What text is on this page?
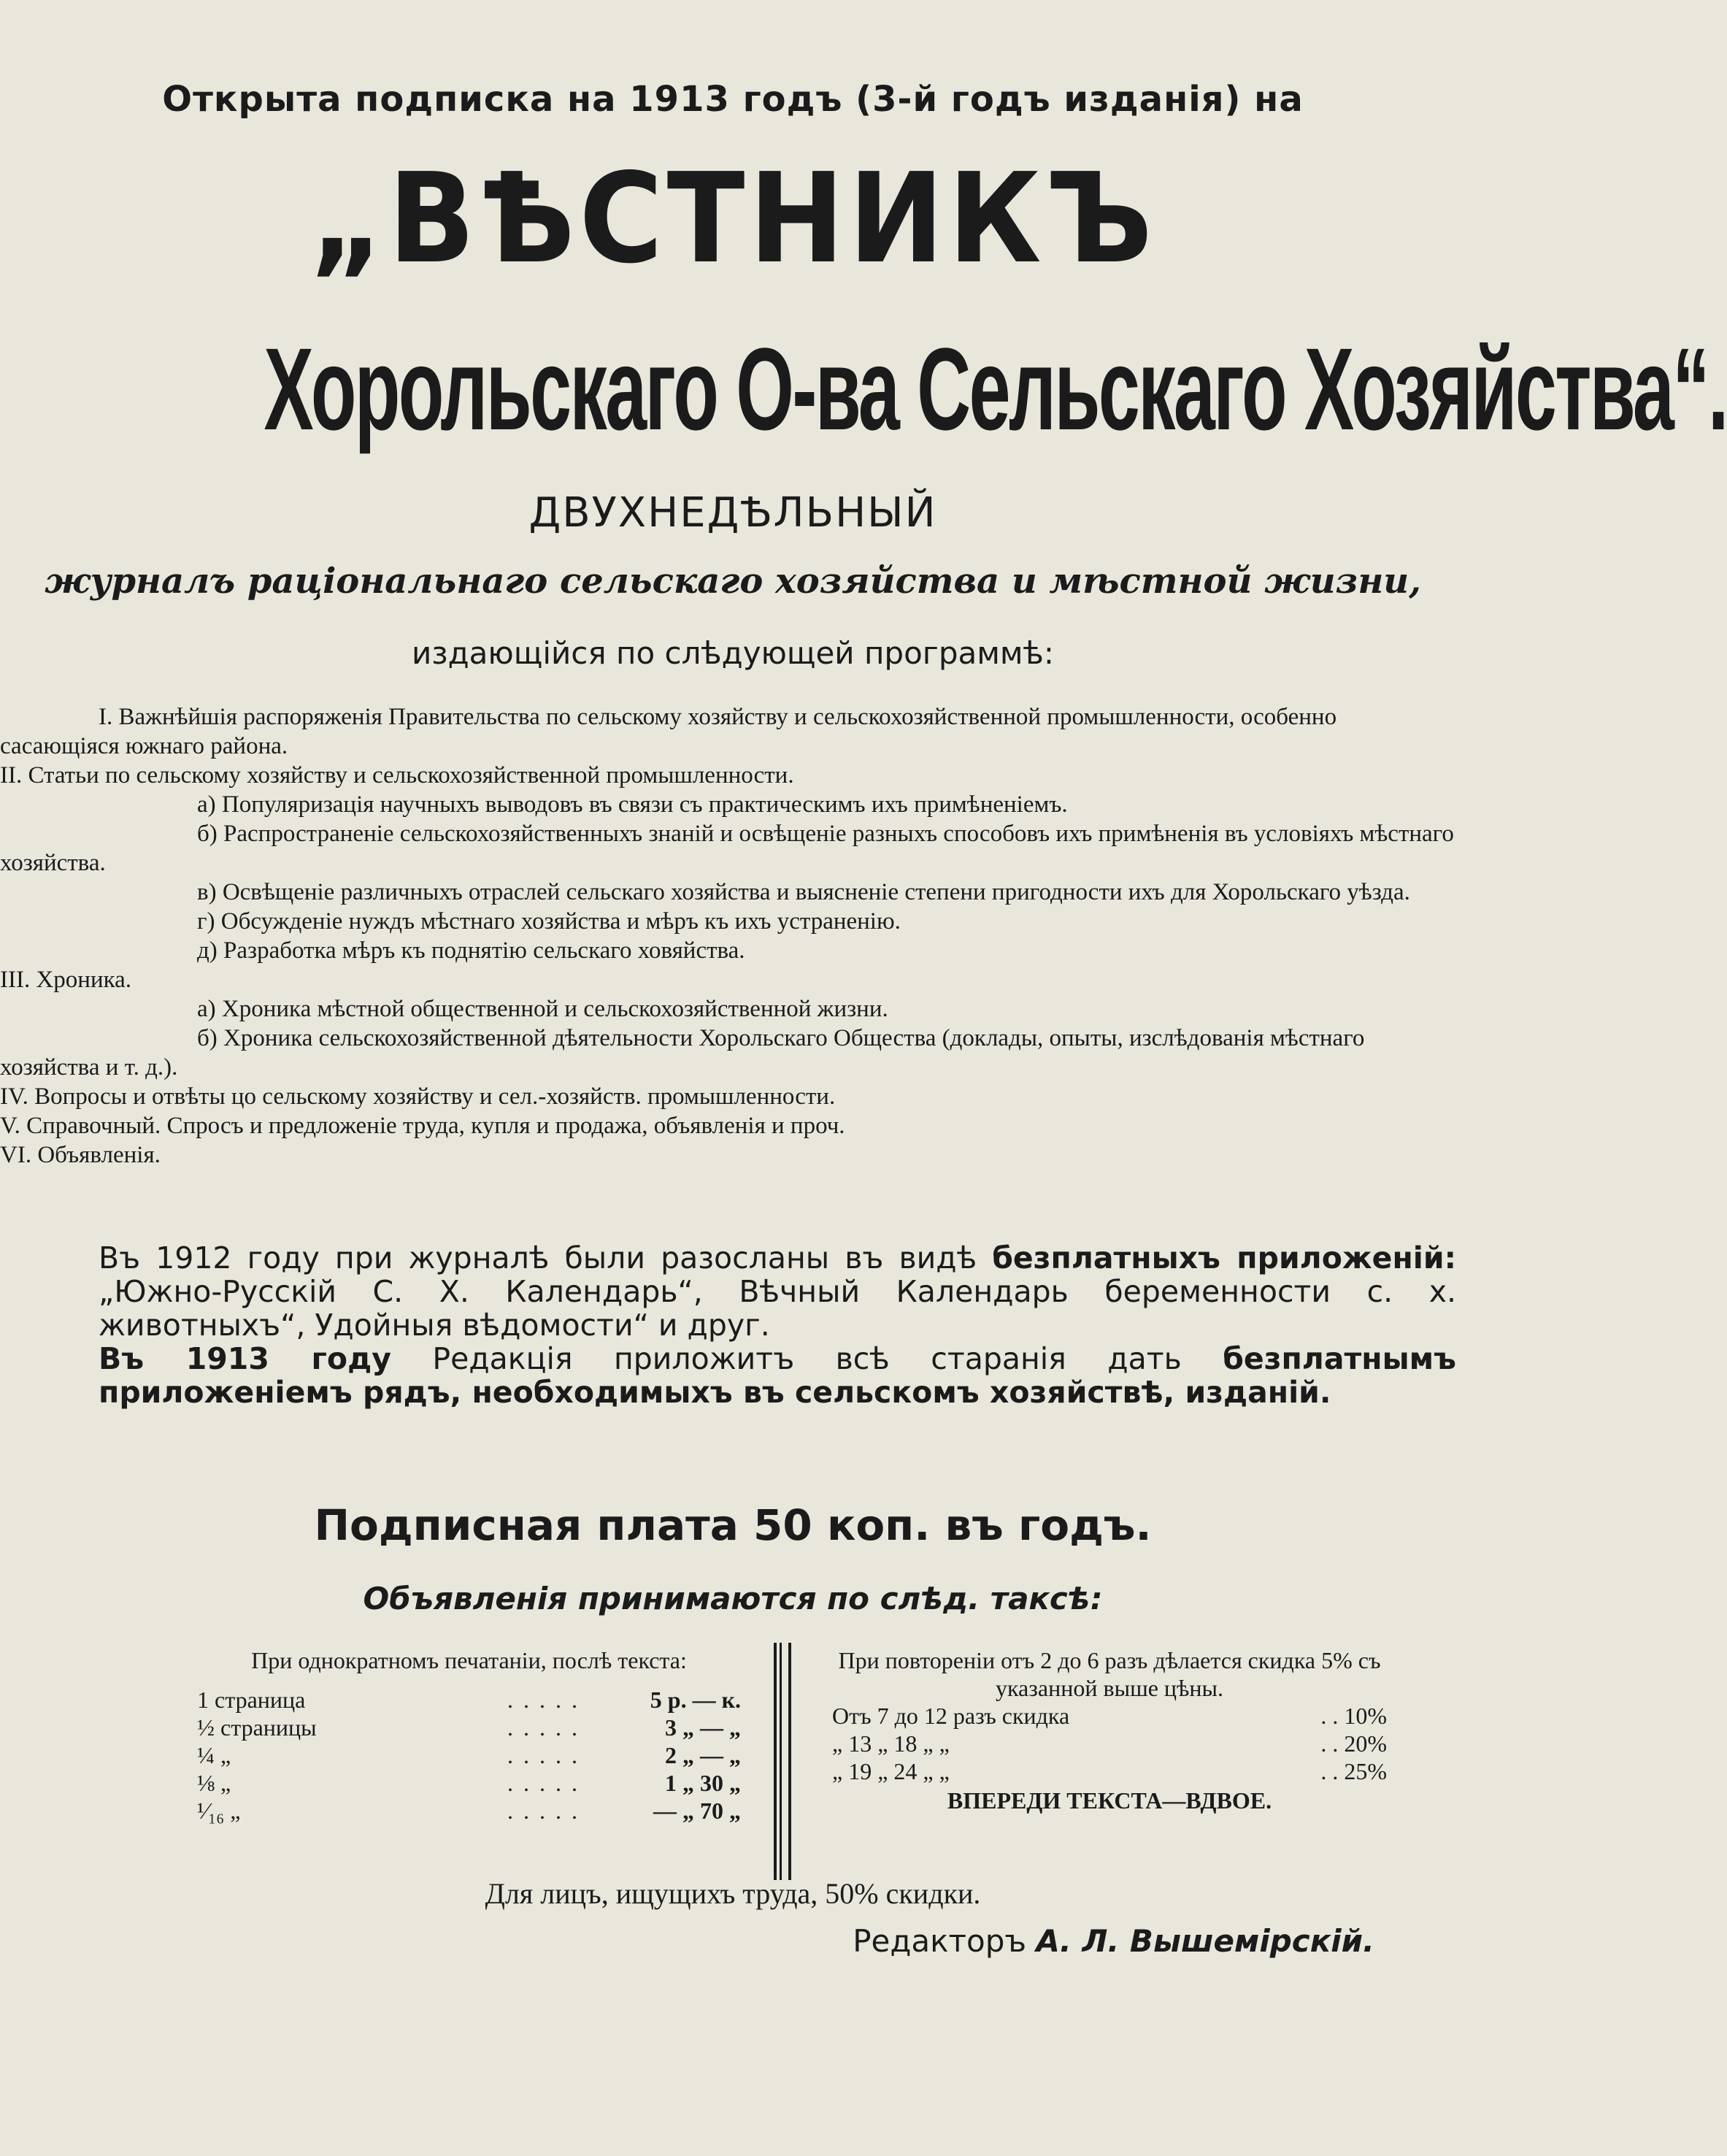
Открыта подписка на 1913 годъ (3-й годъ изданія) на
„ВѢСТНИКЪ
Хорольскаго О-ва Сельскаго Хозяйства“.
ДВУХНЕДѢЛЬНЫЙ
журналъ раціональнаго сельскаго хозяйства и мѣстной жизни,
издающійся по слѣдующей программѣ:

I. Важнѣйшія распоряженія Правительства по сельскому хозяйству и сельскохозяйственной промышленности, особенно сасающіяся южнаго района.

II. Статьи по сельскому хозяйству и сельскохозяйственной промышленности.

а) Популяризація научныхъ выводовъ въ связи съ практическимъ ихъ примѣненіемъ.

б) Распространеніе сельскохозяйственныхъ знаній и освѣщеніе разныхъ способовъ ихъ примѣненія въ условіяхъ мѣстнаго хозяйства.

в) Освѣщеніе различныхъ отраслей сельскаго хозяйства и выясненіе степени пригодности ихъ для Хорольскаго уѣзда.

г) Обсужденіе нуждъ мѣстнаго хозяйства и мѣръ къ ихъ устраненію.

д) Разработка мѣръ къ поднятію сельскаго ховяйства.

III. Хроника.

а) Хроника мѣстной общественной и сельскохозяйственной жизни.

б) Хроника сельскохозяйственной дѣятельности Хорольскаго Общества (доклады, опыты, изслѣдованія мѣстнаго хозяйства и т. д.).

IV. Вопросы и отвѣты цо сельскому хозяйству и сел.-хозяйств. промышленности.

V. Справочный. Спросъ и предложеніе труда, купля и продажа, объявленія и проч.

VI. Объявленія.

Въ 1912 году при журналѣ были разосланы въ видѣ безплатныхъ приложеній: „Южно-Русскій С. Х. Календарь“, Вѣчный Календарь беременности с. х. животныхъ“, Удойныя вѣдомости“ и друг.

Въ 1913 году Редакція приложитъ всѣ старанія дать безплатнымъ приложеніемъ рядъ, необходимыхъ въ сельскомъ хозяйствѣ, изданій.

Подписная плата 50 коп. въ годъ.
Объявленія принимаются по слѣд. таксѣ:
При однократномъ печатаніи, послѣ текста:
1 страница	.....	5 р. — к.
½ страницы	.....	3 „ — „
¼ „	.....	2 „ — „
⅛ „	.....	1 „ 30 „
¹⁄₁₆ „	.....	— „ 70 „
При повтореніи отъ 2 до 6 разъ дѣлается скидка 5% съ указанной выше цѣны.
Отъ 7 до 12 разъ скидка	. . 10%
„ 13 „ 18 „ „	. . 20%
„ 19 „ 24 „ „	. . 25%
ВПЕРЕДИ ТЕКСТА—ВДВОЕ.
Для лицъ, ищущихъ труда, 50% скидки.
Редакторъ А. Л. Вышемірскій.
